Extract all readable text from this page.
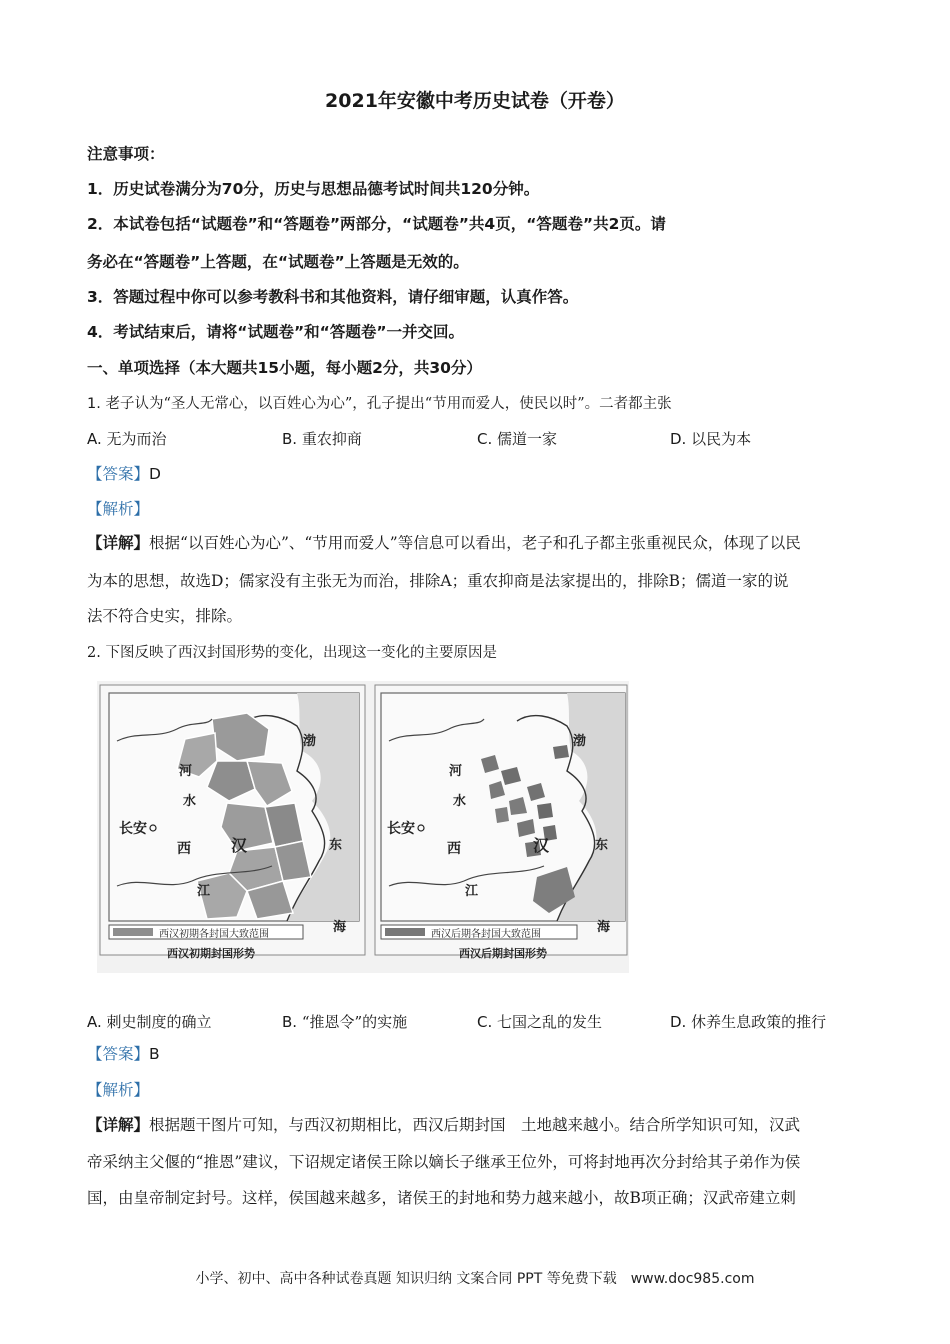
2021年安徽中考历史试卷（开卷）
注意事项：
1．历史试卷满分为70分，历史与思想品德考试时间共120分钟。
2．本试卷包括“试题卷”和“答题卷”两部分，“试题卷”共4页，“答题卷”共2页。请
务必在“答题卷”上答题，在“试题卷”上答题是无效的。
3．答题过程中你可以参考教科书和其他资料，请仔细审题，认真作答。
4．考试结束后，请将“试题卷”和“答题卷”一并交回。
一、单项选择（本大题共15小题，每小题2分，共30分）
1. 老子认为“圣人无常心，以百姓心为心”，孔子提出“节用而爱人，使民以时”。二者都主张
A. 无为而治	B. 重农抑商	C. 儒道一家	D. 以民为本
【答案】D
【解析】
【详解】根据“以百姓心为心”、“节用而爱人”等信息可以看出，老子和孔子都主张重视民众，体现了以民
为本的思想，故选D；儒家没有主张无为而治，排除A；重农抑商是法家提出的，排除B；儒道一家的说
法不符合史实，排除。
2. 下图反映了西汉封国形势的变化，出现这一变化的主要原因是
西汉初期各封国大致范围
西汉初期封国形势
长安
西	汉
河
水
江
东
海
渤
西汉后期各封国大致范围
西汉后期封国形势
长安
西	汉
河
水
江
东
海
渤
A. 刺史制度的确立	B. “推恩令”的实施	C. 七国之乱的发生	D. 休养生息政策的推行
【答案】B
【解析】
【详解】根据题干图片可知，与西汉初期相比，西汉后期封国　土地越来越小。结合所学知识可知，汉武
帝采纳主父偃的“推恩”建议，下诏规定诸侯王除以嫡长子继承王位外，可将封地再次分封给其子弟作为侯
国，由皇帝制定封号。这样，侯国越来越多，诸侯王的封地和势力越来越小，故B项正确；汉武帝建立刺
小学、初中、高中各种试卷真题 知识归纳 文案合同 PPT 等免费下载　www.doc985.com
